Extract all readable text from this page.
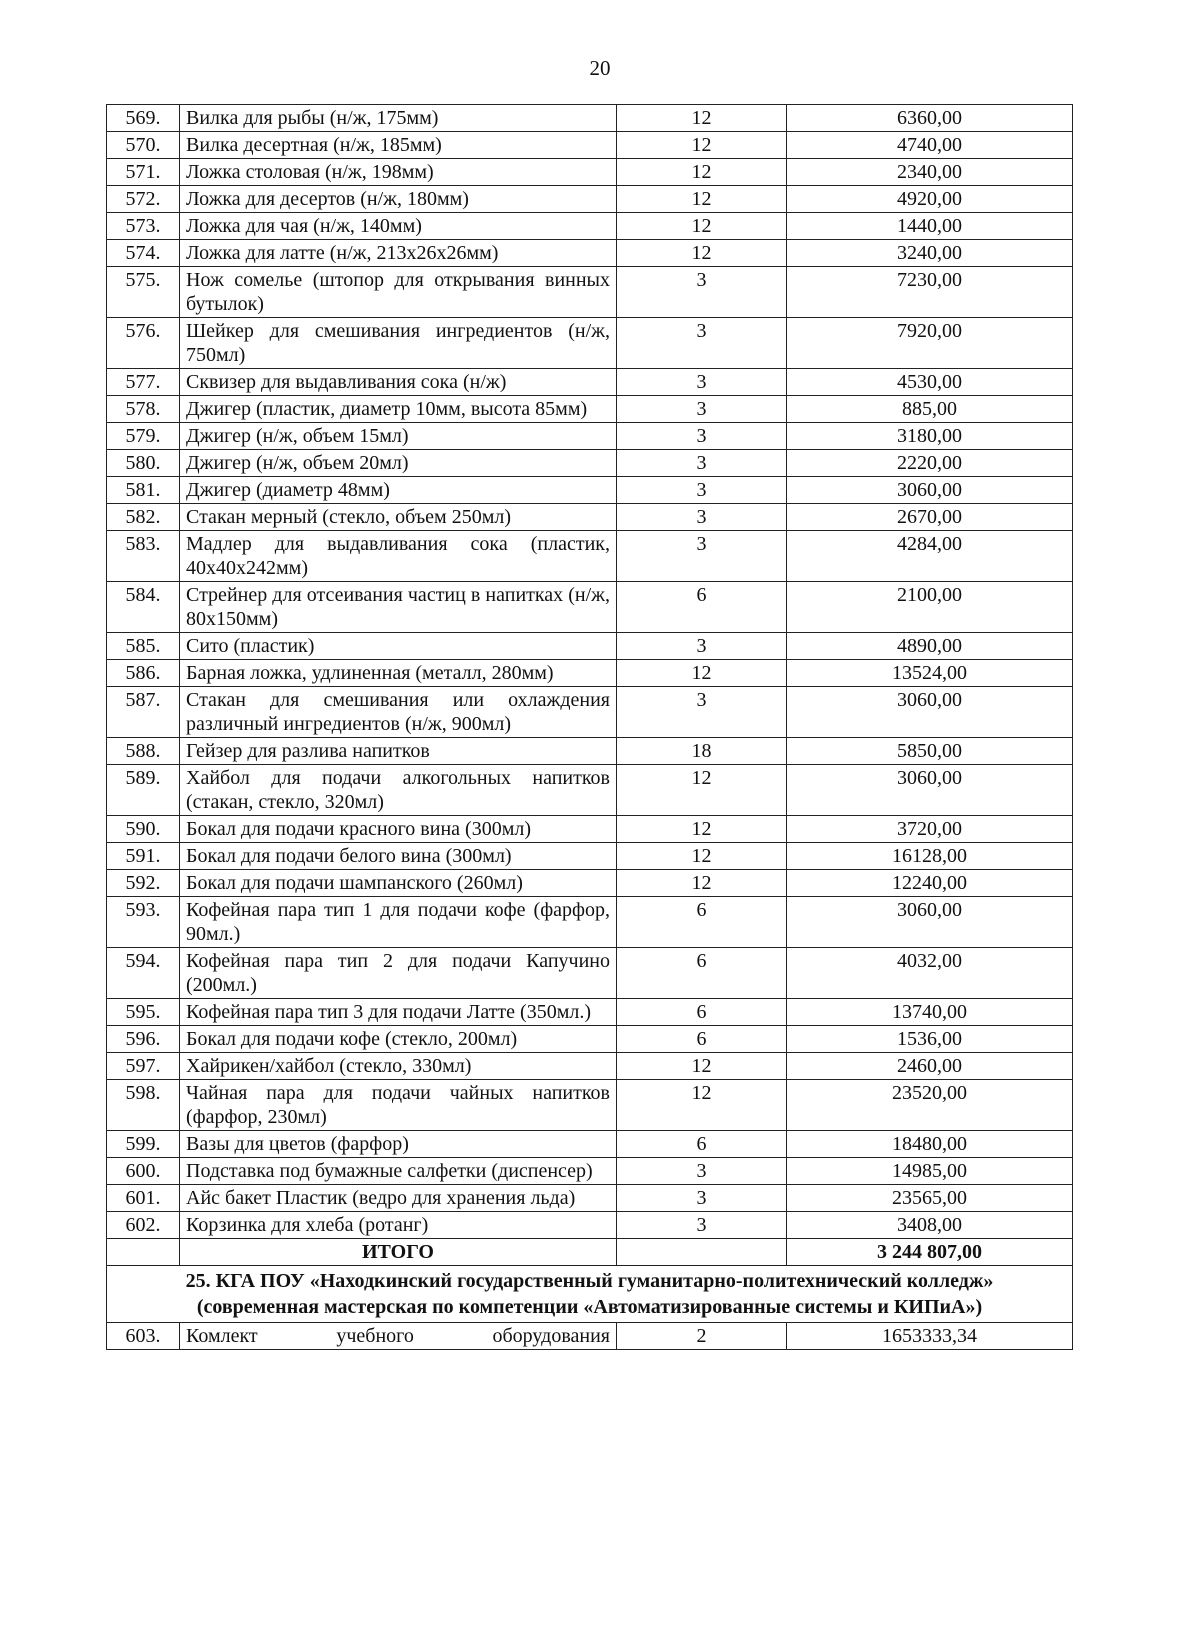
20
569.	Вилка для рыбы (н/ж, 175мм)	12	6360,00
570.	Вилка десертная (н/ж, 185мм)	12	4740,00
571.	Ложка столовая (н/ж, 198мм)	12	2340,00
572.	Ложка для десертов (н/ж, 180мм)	12	4920,00
573.	Ложка для чая (н/ж, 140мм)	12	1440,00
574.	Ложка для латте (н/ж, 213x26x26мм)	12	3240,00
575.	Нож сомелье (штопор для открывания винных бутылок)	3	7230,00
576.	Шейкер для смешивания ингредиентов (н/ж, 750мл)	3	7920,00
577.	Сквизер для выдавливания сока (н/ж)	3	4530,00
578.	Джигер (пластик, диаметр 10мм, высота 85мм)	3	885,00
579.	Джигер (н/ж, объем 15мл)	3	3180,00
580.	Джигер (н/ж, объем 20мл)	3	2220,00
581.	Джигер (диаметр 48мм)	3	3060,00
582.	Стакан мерный (стекло, объем 250мл)	3	2670,00
583.	Мадлер для выдавливания сока (пластик, 40x40x242мм)	3	4284,00
584.	Стрейнер для отсеивания частиц в напитках (н/ж, 80x150мм)	6	2100,00
585.	Сито (пластик)	3	4890,00
586.	Барная ложка, удлиненная (металл, 280мм)	12	13524,00
587.	Стакан для смешивания или охлаждения различный ингредиентов (н/ж, 900мл)	3	3060,00
588.	Гейзер для разлива напитков	18	5850,00
589.	Хайбол для подачи алкогольных напитков (стакан, стекло, 320мл)	12	3060,00
590.	Бокал для подачи красного вина (300мл)	12	3720,00
591.	Бокал для подачи белого вина (300мл)	12	16128,00
592.	Бокал для подачи шампанского (260мл)	12	12240,00
593.	Кофейная пара тип 1 для подачи кофе (фарфор, 90мл.)	6	3060,00
594.	Кофейная пара тип 2 для подачи Капучино (200мл.)	6	4032,00
595.	Кофейная пара тип 3 для подачи Латте (350мл.)	6	13740,00
596.	Бокал для подачи кофе (стекло, 200мл)	6	1536,00
597.	Хайрикен/хайбол (стекло, 330мл)	12	2460,00
598.	Чайная пара для подачи чайных напитков (фарфор, 230мл)	12	23520,00
599.	Вазы для цветов (фарфор)	6	18480,00
600.	Подставка под бумажные салфетки (диспенсер)	3	14985,00
601.	Айс бакет Пластик (ведро для хранения льда)	3	23565,00
602.	Корзинка для хлеба (ротанг)	3	3408,00
	ИТОГО		3 244 807,00

25. КГА ПОУ «Находкинский государственный гуманитарно-политехнический колледж»
(современная мастерская по компетенции «Автоматизированные системы и КИПиА»)			

603.	Комлект учебного оборудования	2	1653333,34
